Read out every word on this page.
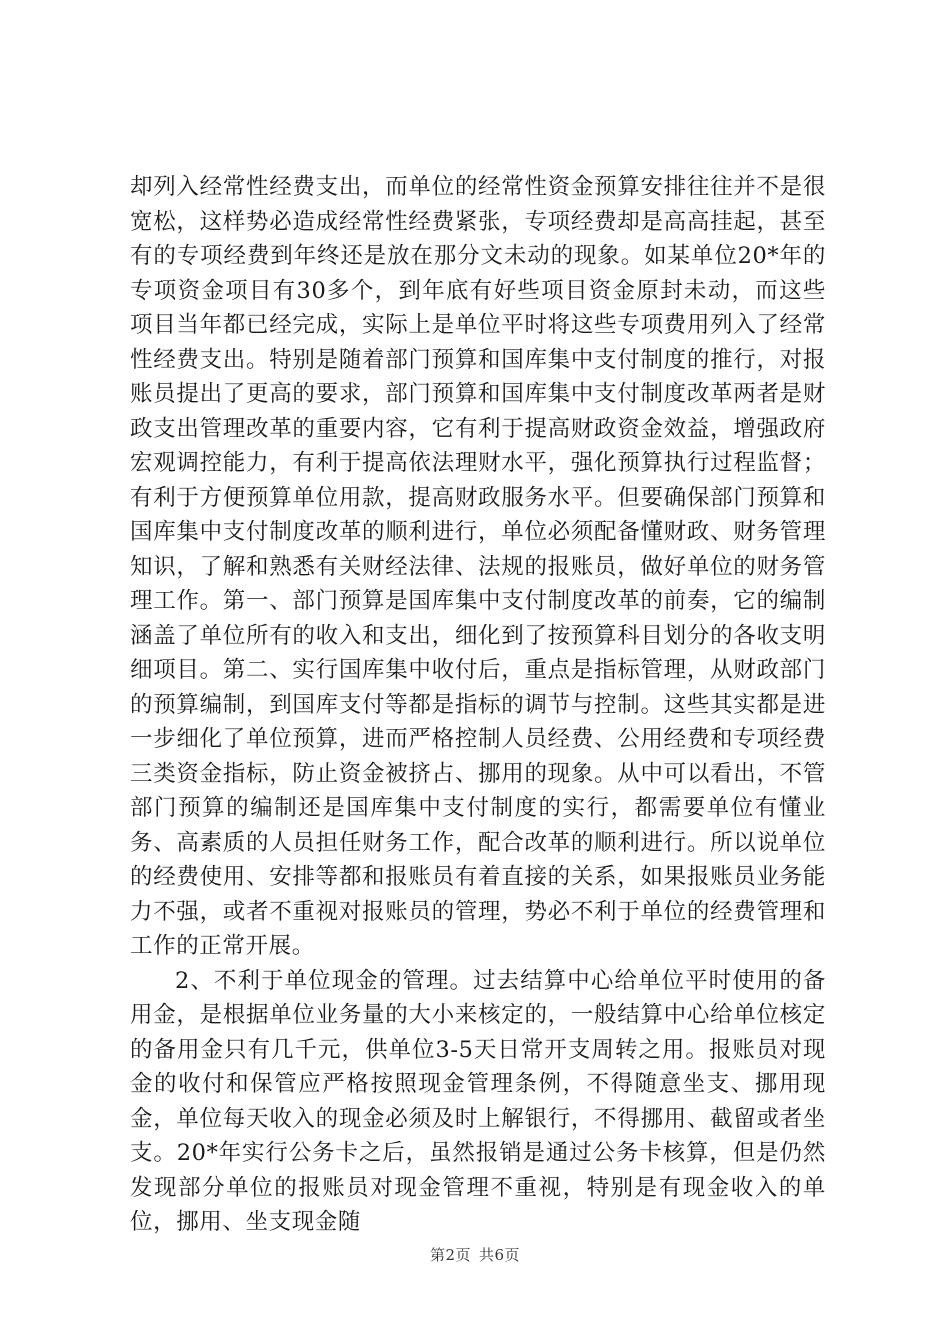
却列入经常性经费支出，而单位的经常性资金预算安排往往并不是很宽松，这样势必造成经常性经费紧张，专项经费却是高高挂起，甚至有的专项经费到年终还是放在那分文未动的现象。如某单位20*年的专项资金项目有30多个，到年底有好些项目资金原封未动，而这些项目当年都已经完成，实际上是单位平时将这些专项费用列入了经常性经费支出。特别是随着部门预算和国库集中支付制度的推行，对报账员提出了更高的要求，部门预算和国库集中支付制度改革两者是财政支出管理改革的重要内容，它有利于提高财政资金效益，增强政府宏观调控能力，有利于提高依法理财水平，强化预算执行过程监督；有利于方便预算单位用款，提高财政服务水平。但要确保部门预算和国库集中支付制度改革的顺利进行，单位必须配备懂财政、财务管理知识，了解和熟悉有关财经法律、法规的报账员，做好单位的财务管理工作。第一、部门预算是国库集中支付制度改革的前奏，它的编制涵盖了单位所有的收入和支出，细化到了按预算科目划分的各收支明细项目。第二、实行国库集中收付后，重点是指标管理，从财政部门的预算编制，到国库支付等都是指标的调节与控制。这些其实都是进一步细化了单位预算，进而严格控制人员经费、公用经费和专项经费三类资金指标，防止资金被挤占、挪用的现象。从中可以看出，不管部门预算的编制还是国库集中支付制度的实行，都需要单位有懂业务、高素质的人员担任财务工作，配合改革的顺利进行。所以说单位的经费使用、安排等都和报账员有着直接的关系，如果报账员业务能力不强，或者不重视对报账员的管理，势必不利于单位的经费管理和工作的正常开展。

2、不利于单位现金的管理。过去结算中心给单位平时使用的备用金，是根据单位业务量的大小来核定的，一般结算中心给单位核定的备用金只有几千元，供单位3-5天日常开支周转之用。报账员对现金的收付和保管应严格按照现金管理条例，不得随意坐支、挪用现金，单位每天收入的现金必须及时上解银行，不得挪用、截留或者坐支。20*年实行公务卡之后，虽然报销是通过公务卡核算，但是仍然发现部分单位的报账员对现金管理不重视，特别是有现金收入的单位，挪用、坐支现金随

第2页 共6页
